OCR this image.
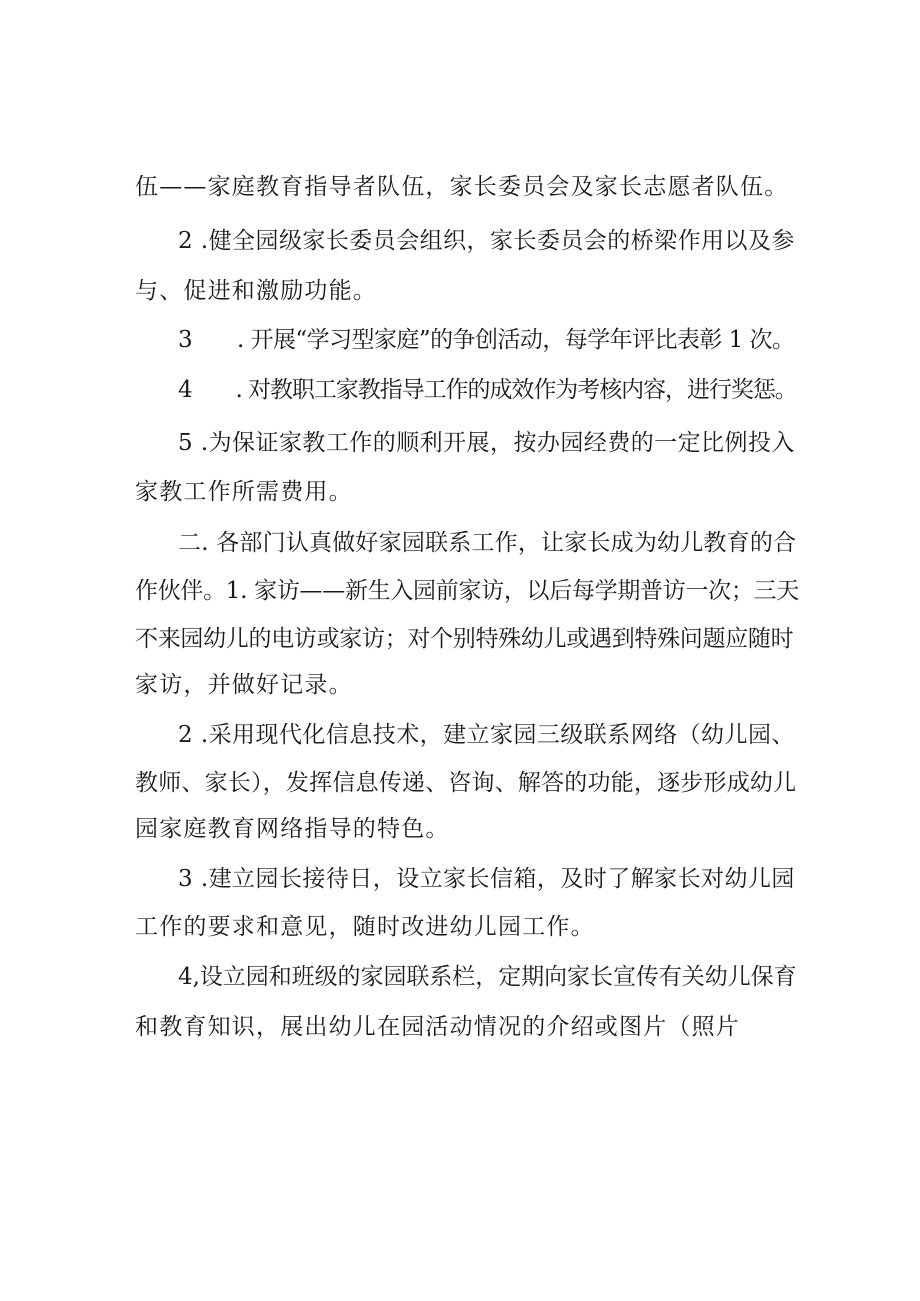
伍——家庭教育指导者队伍，家长委员会及家长志愿者队伍。
2 .健全园级家长委员会组织，家长委员会的桥梁作用以及参
与、促进和激励功能。
3　　. 开展“学习型家庭”的争创活动，每学年评比表彰 1 次。
4　　. 对教职工家教指导工作的成效作为考核内容，进行奖惩。
5 .为保证家教工作的顺利开展，按办园经费的一定比例投入
家教工作所需费用。
二. 各部门认真做好家园联系工作，让家长成为幼儿教育的合
作伙伴。1. 家访——新生入园前家访，以后每学期普访一次；三天
不来园幼儿的电访或家访；对个别特殊幼儿或遇到特殊问题应随时
家访，并做好记录。
2 .采用现代化信息技术，建立家园三级联系网络（幼儿园、
教师、家长），发挥信息传递、咨询、解答的功能，逐步形成幼儿
园家庭教育网络指导的特色。
3 .建立园长接待日，设立家长信箱，及时了解家长对幼儿园
工作的要求和意见，随时改进幼儿园工作。
4,设立园和班级的家园联系栏，定期向家长宣传有关幼儿保育
和教育知识，展出幼儿在园活动情况的介绍或图片（照片
